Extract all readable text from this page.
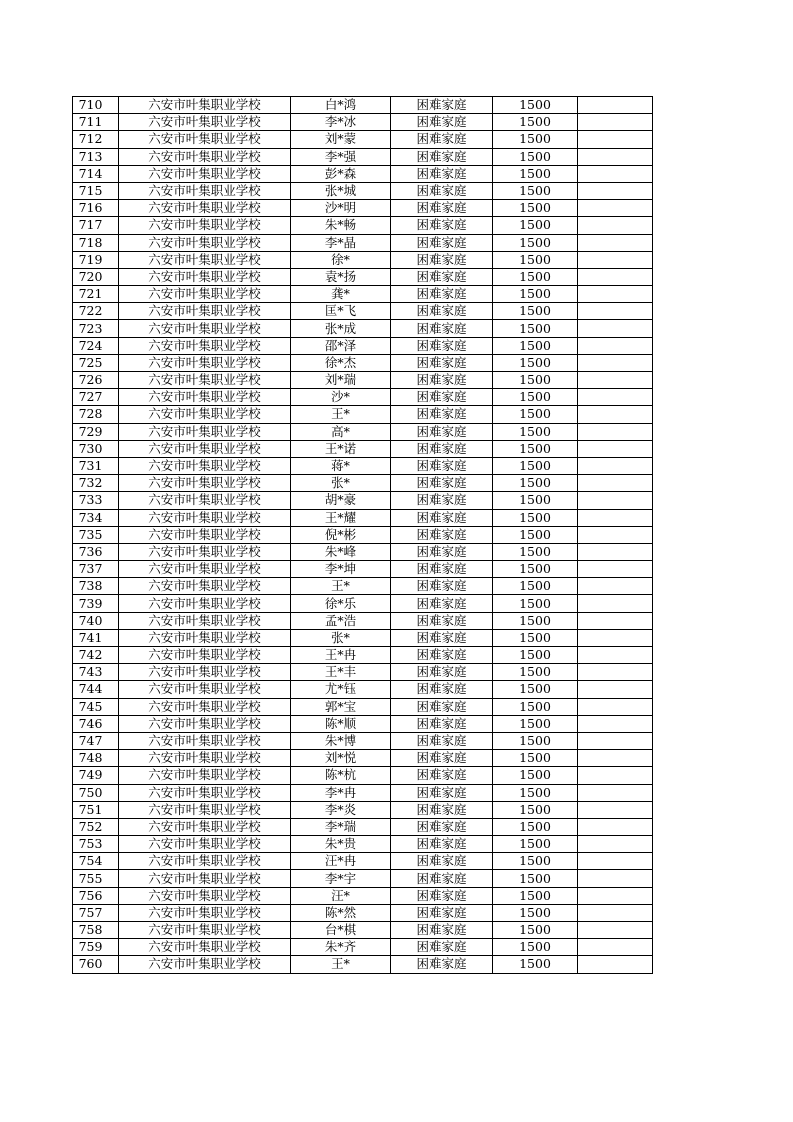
710	六安市叶集职业学校	白*鸿	困难家庭	1500	
711	六安市叶集职业学校	李*冰	困难家庭	1500	
712	六安市叶集职业学校	刘*蒙	困难家庭	1500	
713	六安市叶集职业学校	李*强	困难家庭	1500	
714	六安市叶集职业学校	彭*森	困难家庭	1500	
715	六安市叶集职业学校	张*城	困难家庭	1500	
716	六安市叶集职业学校	沙*明	困难家庭	1500	
717	六安市叶集职业学校	朱*畅	困难家庭	1500	
718	六安市叶集职业学校	李*晶	困难家庭	1500	
719	六安市叶集职业学校	徐*	困难家庭	1500	
720	六安市叶集职业学校	袁*扬	困难家庭	1500	
721	六安市叶集职业学校	龚*	困难家庭	1500	
722	六安市叶集职业学校	匡*飞	困难家庭	1500	
723	六安市叶集职业学校	张*成	困难家庭	1500	
724	六安市叶集职业学校	邵*泽	困难家庭	1500	
725	六安市叶集职业学校	徐*杰	困难家庭	1500	
726	六安市叶集职业学校	刘*瑞	困难家庭	1500	
727	六安市叶集职业学校	沙*	困难家庭	1500	
728	六安市叶集职业学校	王*	困难家庭	1500	
729	六安市叶集职业学校	高*	困难家庭	1500	
730	六安市叶集职业学校	王*诺	困难家庭	1500	
731	六安市叶集职业学校	蒋*	困难家庭	1500	
732	六安市叶集职业学校	张*	困难家庭	1500	
733	六安市叶集职业学校	胡*豪	困难家庭	1500	
734	六安市叶集职业学校	王*耀	困难家庭	1500	
735	六安市叶集职业学校	倪*彬	困难家庭	1500	
736	六安市叶集职业学校	朱*峰	困难家庭	1500	
737	六安市叶集职业学校	李*坤	困难家庭	1500	
738	六安市叶集职业学校	王*	困难家庭	1500	
739	六安市叶集职业学校	徐*乐	困难家庭	1500	
740	六安市叶集职业学校	孟*浩	困难家庭	1500	
741	六安市叶集职业学校	张*	困难家庭	1500	
742	六安市叶集职业学校	王*冉	困难家庭	1500	
743	六安市叶集职业学校	王*丰	困难家庭	1500	
744	六安市叶集职业学校	尤*钰	困难家庭	1500	
745	六安市叶集职业学校	郭*宝	困难家庭	1500	
746	六安市叶集职业学校	陈*顺	困难家庭	1500	
747	六安市叶集职业学校	朱*博	困难家庭	1500	
748	六安市叶集职业学校	刘*悦	困难家庭	1500	
749	六安市叶集职业学校	陈*杭	困难家庭	1500	
750	六安市叶集职业学校	李*冉	困难家庭	1500	
751	六安市叶集职业学校	李*炎	困难家庭	1500	
752	六安市叶集职业学校	李*瑞	困难家庭	1500	
753	六安市叶集职业学校	朱*贵	困难家庭	1500	
754	六安市叶集职业学校	汪*冉	困难家庭	1500	
755	六安市叶集职业学校	李*宇	困难家庭	1500	
756	六安市叶集职业学校	汪*	困难家庭	1500	
757	六安市叶集职业学校	陈*然	困难家庭	1500	
758	六安市叶集职业学校	台*棋	困难家庭	1500	
759	六安市叶集职业学校	朱*齐	困难家庭	1500	
760	六安市叶集职业学校	王*	困难家庭	1500	
